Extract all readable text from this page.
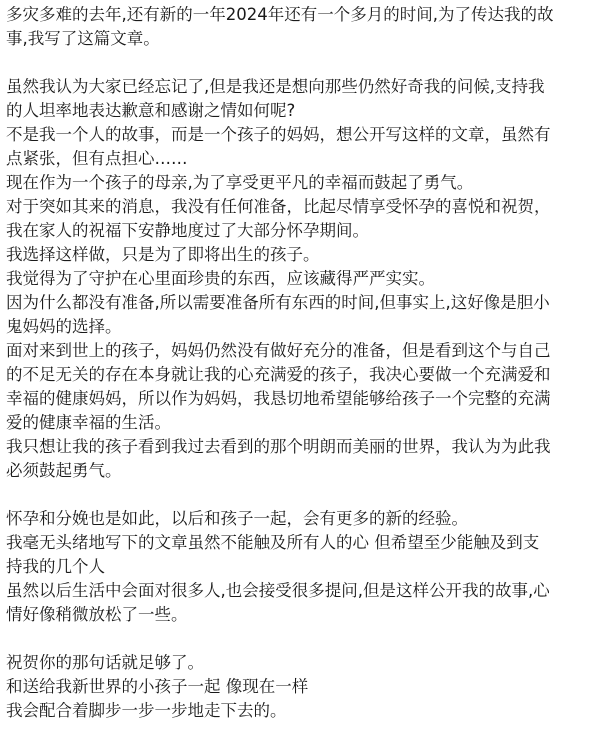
多灾多难的去年,还有新的一年2024年还有一个多月的时间,为了传达我的故

事,我写了这篇文章。

虽然我认为大家已经忘记了,但是我还是想向那些仍然好奇我的问候,支持我

的人坦率地表达歉意和感谢之情如何呢?

不是我一个人的故事，而是一个孩子的妈妈，想公开写这样的文章，虽然有

点紧张，但有点担心……

现在作为一个孩子的母亲,为了享受更平凡的幸福而鼓起了勇气。

对于突如其来的消息，我没有任何准备，比起尽情享受怀孕的喜悦和祝贺，

我在家人的祝福下安静地度过了大部分怀孕期间。

我选择这样做，只是为了即将出生的孩子。

我觉得为了守护在心里面珍贵的东西，应该藏得严严实实。

因为什么都没有准备,所以需要准备所有东西的时间,但事实上,这好像是胆小

鬼妈妈的选择。

面对来到世上的孩子，妈妈仍然没有做好充分的准备，但是看到这个与自己

的不足无关的存在本身就让我的心充满爱的孩子，我决心要做一个充满爱和

幸福的健康妈妈，所以作为妈妈，我恳切地希望能够给孩子一个完整的充满

爱的健康幸福的生活。

我只想让我的孩子看到我过去看到的那个明朗而美丽的世界，我认为为此我

必须鼓起勇气。

怀孕和分娩也是如此，以后和孩子一起，会有更多的新的经验。

我毫无头绪地写下的文章虽然不能触及所有人的心 但希望至少能触及到支

持我的几个人

虽然以后生活中会面对很多人,也会接受很多提问,但是这样公开我的故事,心

情好像稍微放松了一些。

祝贺你的那句话就足够了。

和送给我新世界的小孩子一起 像现在一样

我会配合着脚步一步一步地走下去的。
